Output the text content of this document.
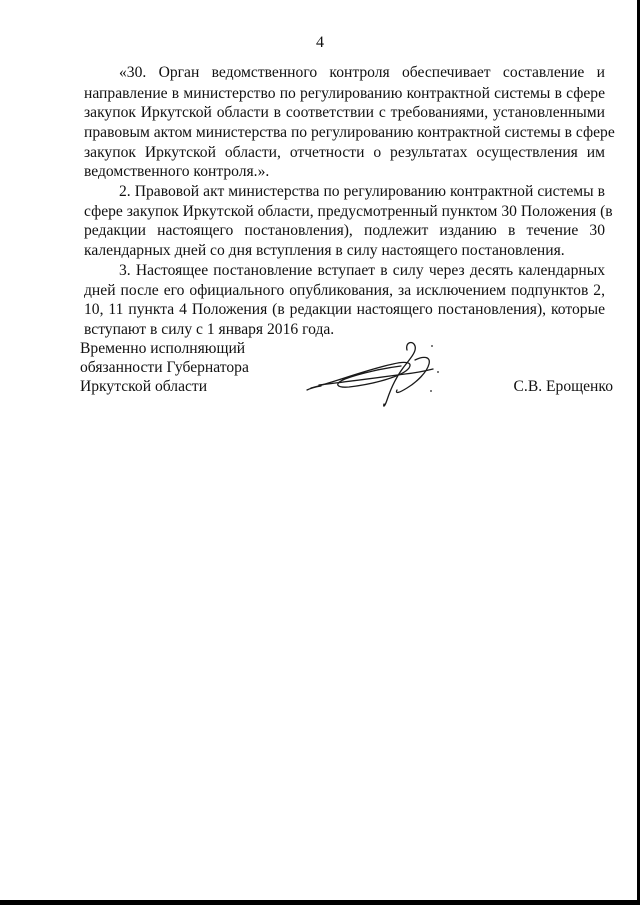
4
«30. Орган ведомственного контроля обеспечивает составление и
направление в министерство по регулированию контрактной системы в сфере
закупок Иркутской области в соответствии с требованиями, установленными
правовым актом министерства по регулированию контрактной системы в сфере
закупок Иркутской области, отчетности о результатах осуществления им
ведомственного контроля.».
2. Правовой акт министерства по регулированию контрактной системы в
сфере закупок Иркутской области, предусмотренный пунктом 30 Положения (в
редакции настоящего постановления), подлежит изданию в течение 30
календарных дней со дня вступления в силу настоящего постановления.
3. Настоящее постановление вступает в силу через десять календарных
дней после его официального опубликования, за исключением подпунктов 2,
10, 11 пункта 4 Положения (в редакции настоящего постановления), которые
вступают в силу с 1 января 2016 года.
Временно исполняющий
обязанности Губернатора
Иркутской области	С.В. Ерощенко
